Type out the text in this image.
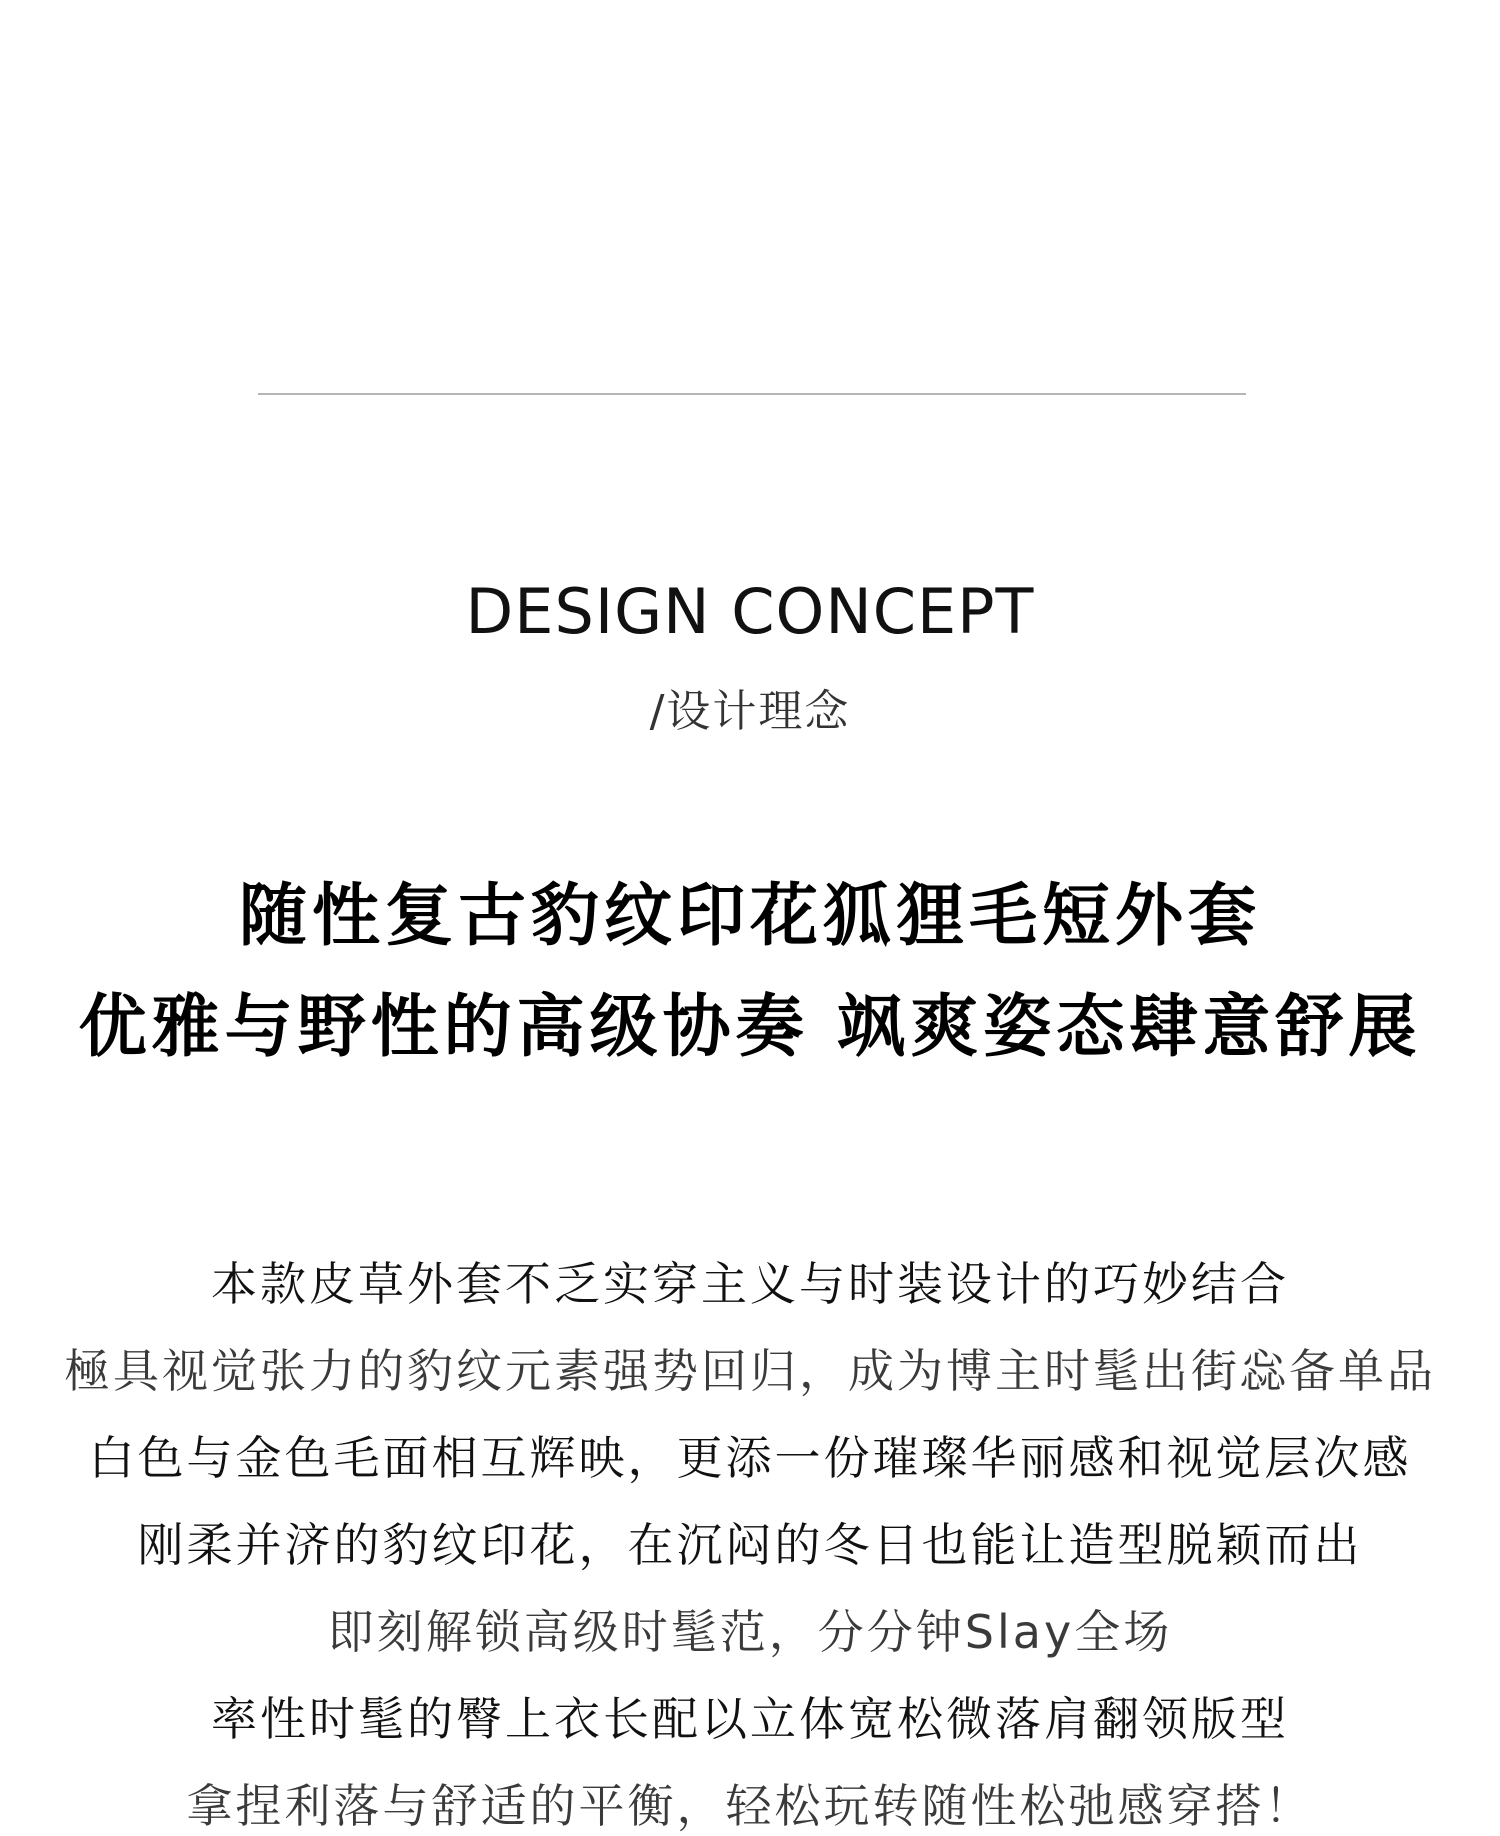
DESIGN CONCEPT
/设计理念
随性复古豹纹印花狐狸毛短外套
优雅与野性的高级协奏 飒爽姿态肆意舒展

本款皮草外套不乏实穿主义与时装设计的巧妙结合

極具视觉张力的豹纹元素强势回归，成为博主时髦出街惢备单品

白色与金色毛面相互辉映，更添一份璀璨华丽感和视觉层次感

刚柔并济的豹纹印花，在沉闷的冬日也能让造型脱颖而出

即刻解锁高级时髦范，分分钟Slay全场

率性时髦的臀上衣长配以立体宽松微落肩翻领版型

拿捏利落与舒适的平衡，轻松玩转随性松弛感穿搭！
